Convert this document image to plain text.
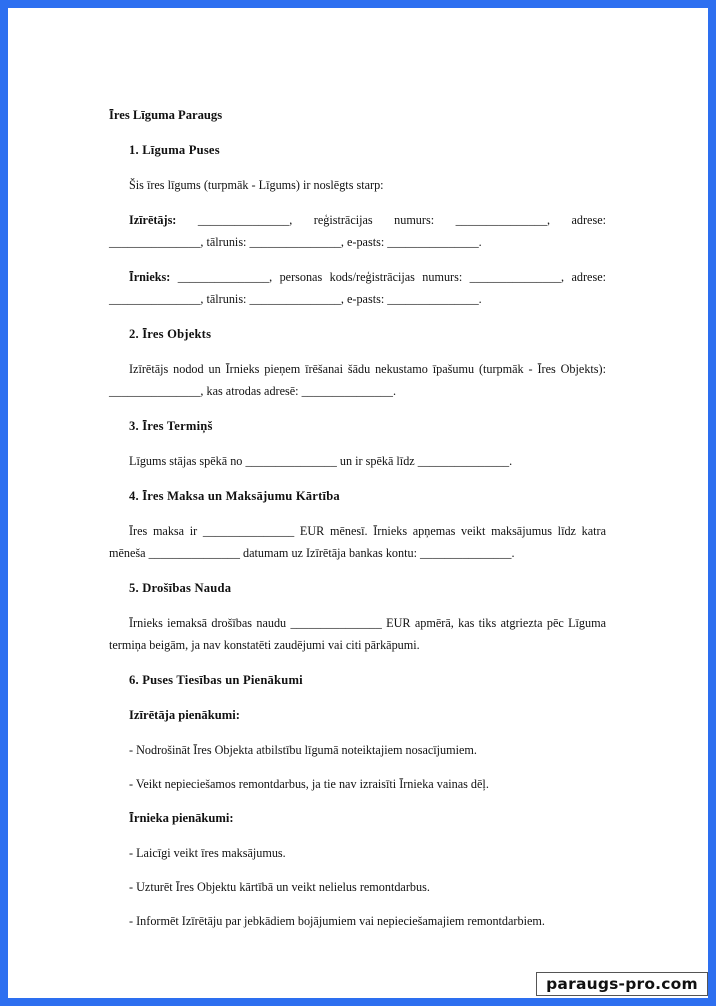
Īres Līguma Paraugs
1. Līguma Puses

Šis īres līgums (turpmāk - Līgums) ir noslēgts starp:

Izīrētājs: _______________, reģistrācijas numurs: _______________, adrese: _______________, tālrunis: _______________, e-pasts: _______________.

Īrnieks: _______________, personas kods/reģistrācijas numurs: _______________, adrese: _______________, tālrunis: _______________, e-pasts: _______________.

2. Īres Objekts

Izīrētājs nodod un Īrnieks pieņem īrēšanai šādu nekustamo īpašumu (turpmāk - Īres Objekts): _______________, kas atrodas adresē: _______________.

3. Īres Termiņš

Līgums stājas spēkā no _______________ un ir spēkā līdz _______________.

4. Īres Maksa un Maksājumu Kārtība

Īres maksa ir _______________ EUR mēnesī. Īrnieks apņemas veikt maksājumus līdz katra mēneša _______________ datumam uz Izīrētāja bankas kontu: _______________.

5. Drošības Nauda

Īrnieks iemaksā drošības naudu _______________ EUR apmērā, kas tiks atgriezta pēc Līguma termiņa beigām, ja nav konstatēti zaudējumi vai citi pārkāpumi.

6. Puses Tiesības un Pienākumi
Izīrētāja pienākumi:
- Nodrošināt Īres Objekta atbilstību līgumā noteiktajiem nosacījumiem.
- Veikt nepieciešamos remontdarbus, ja tie nav izraisīti Īrnieka vainas dēļ.
Īrnieka pienākumi:
- Laicīgi veikt īres maksājumus.
- Uzturēt Īres Objektu kārtībā un veikt nelielus remontdarbus.
- Informēt Izīrētāju par jebkādiem bojājumiem vai nepieciešamajiem remontdarbiem.
paraugs-pro.com
